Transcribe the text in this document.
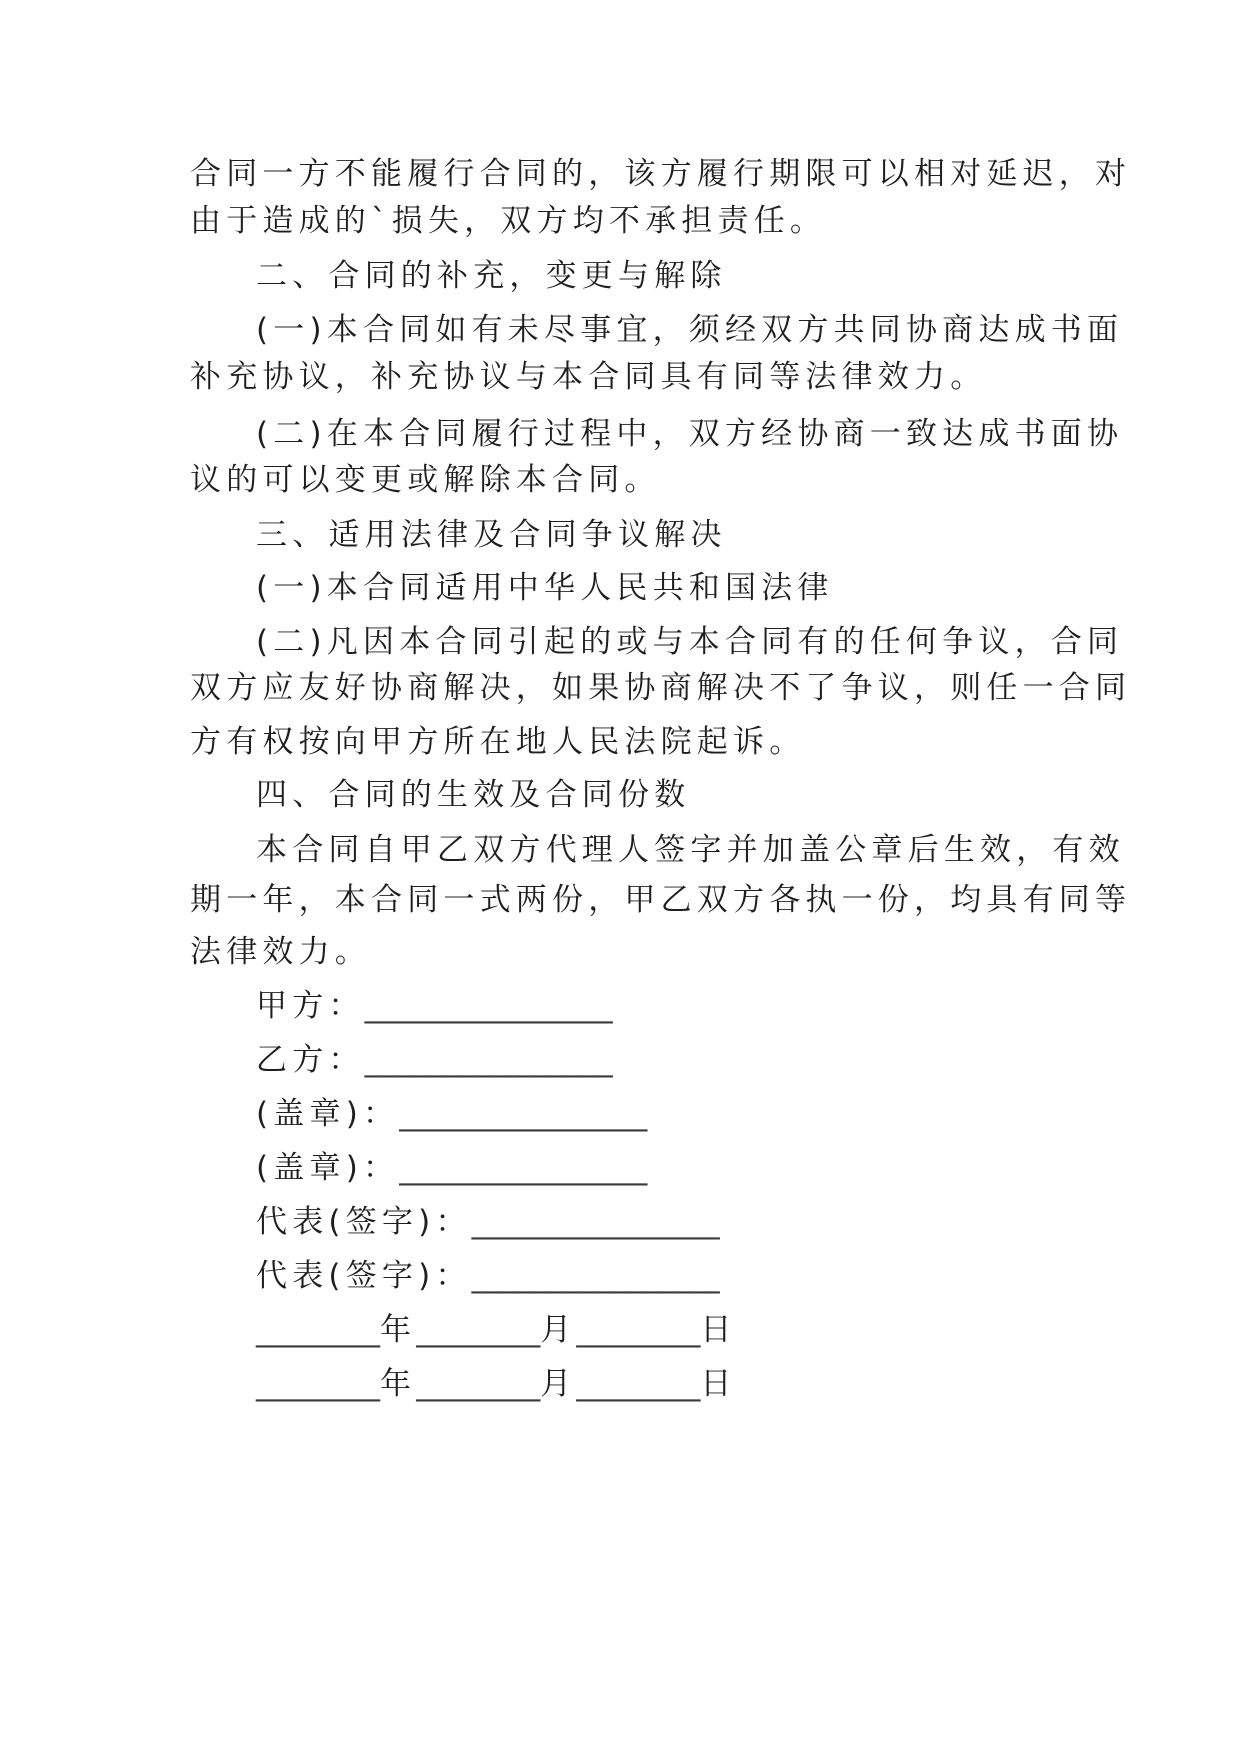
合同一方不能履行合同的，该方履行期限可以相对延迟，对
由于造成的`损失，双方均不承担责任。
二、合同的补充，变更与解除
(一)本合同如有未尽事宜，须经双方共同协商达成书面
补充协议，补充协议与本合同具有同等法律效力。
(二)在本合同履行过程中，双方经协商一致达成书面协
议的可以变更或解除本合同。
三、适用法律及合同争议解决
(一)本合同适用中华人民共和国法律
(二)凡因本合同引起的或与本合同有的任何争议，合同
双方应友好协商解决，如果协商解决不了争议，则任一合同
方有权按向甲方所在地人民法院起诉。
四、合同的生效及合同份数
本合同自甲乙双方代理人签字并加盖公章后生效，有效
期一年，本合同一式两份，甲乙双方各执一份，均具有同等
法律效力。
甲方：________________
乙方：________________
(盖章)：________________
(盖章)：________________
代表(签字)：________________
代表(签字)：________________
________年________月________日
________年________月________日
